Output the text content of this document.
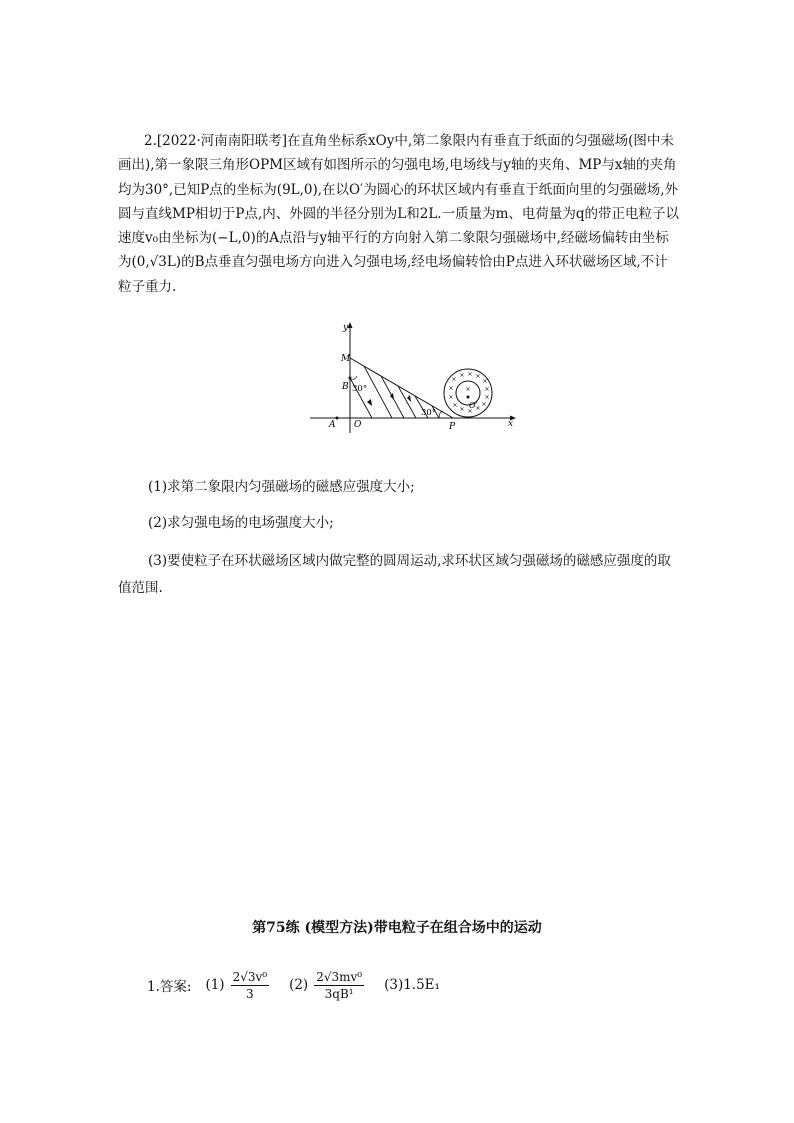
2.[2022·河南南阳联考]在直角坐标系xOy中,第二象限内有垂直于纸面的匀强磁场(图中未画出),第一象限三角形OPM区域有如图所示的匀强电场,电场线与y轴的夹角、MP与x轴的夹角均为30°,已知P点的坐标为(9L,0),在以O′为圆心的环状区域内有垂直于纸面向里的匀强磁场,外圆与直线MP相切于P点,内、外圆的半径分别为L和2L.一质量为m、电荷量为q的带正电粒子以速度v₀由坐标为(−L,0)的A点沿与y轴平行的方向射入第二象限匀强磁场中,经磁场偏转由坐标为(0,√3L)的B点垂直匀强电场方向进入匀强电场,经电场偏转恰由P点进入环状磁场区域,不计粒子重力.

30°
30°
× × × ×
×
×	×
×	×
× × × × ×
×
y
x
M
B
O
A	P
O′

(1)求第二象限内匀强磁场的磁感应强度大小;

(2)求匀强电场的电场强度大小;

(3)要使粒子在环状磁场区域内做完整的圆周运动,求环状区域匀强磁场的磁感应强度的取值范围.

第75练 (模型方法)带电粒子在组合场中的运动
1.答案: $(1) \frac{\text{2√3v⁰}}{3} (2) \frac{\text{2√3mv⁰}}{\text{3qB¹}} (3)1.5E_1$
